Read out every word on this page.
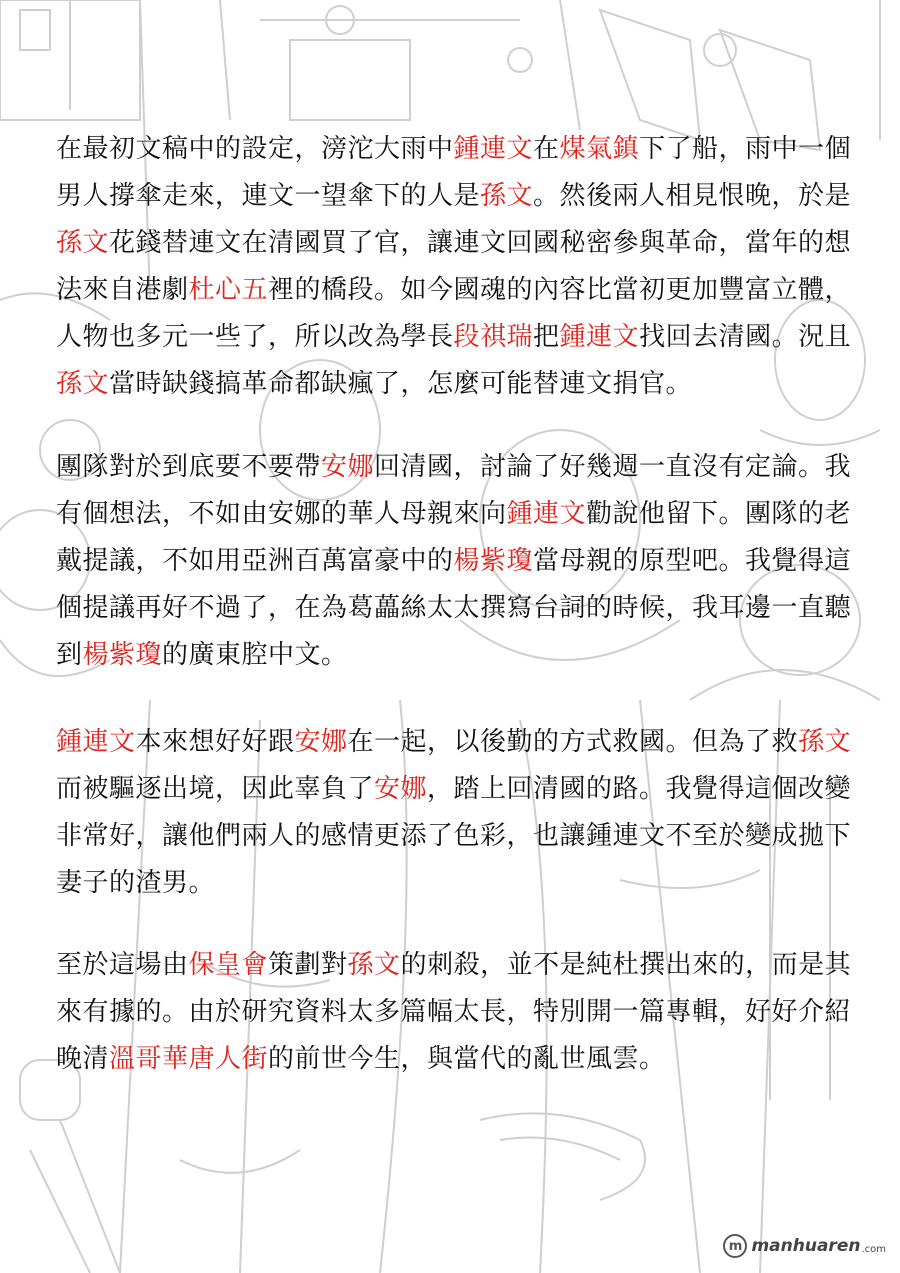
在最初文稿中的設定，滂沱大雨中鍾連文在煤氣鎮下了船，雨中一個男人撐傘走來，連文一望傘下的人是孫文。然後兩人相見恨晚，於是孫文花錢替連文在清國買了官，讓連文回國秘密參與革命，當年的想法來自港劇杜心五裡的橋段。如今國魂的內容比當初更加豐富立體，人物也多元一些了，所以改為學長段祺瑞把鍾連文找回去清國。況且孫文當時缺錢搞革命都缺瘋了，怎麼可能替連文捐官。
團隊對於到底要不要帶安娜回清國，討論了好幾週一直沒有定論。我有個想法，不如由安娜的華人母親來向鍾連文勸說他留下。團隊的老戴提議，不如用亞洲百萬富豪中的楊紫瓊當母親的原型吧。我覺得這個提議再好不過了，在為葛藟絲太太撰寫台詞的時候，我耳邊一直聽到楊紫瓊的廣東腔中文。
鍾連文本來想好好跟安娜在一起，以後勤的方式救國。但為了救孫文而被驅逐出境，因此辜負了安娜，踏上回清國的路。我覺得這個改變非常好，讓他們兩人的感情更添了色彩，也讓鍾連文不至於變成拋下妻子的渣男。
至於這場由保皇會策劃對孫文的刺殺，並不是純杜撰出來的，而是其來有據的。由於研究資料太多篇幅太長，特別開一篇專輯，好好介紹晚清溫哥華唐人街的前世今生，與當代的亂世風雲。
m manhuaren .com
